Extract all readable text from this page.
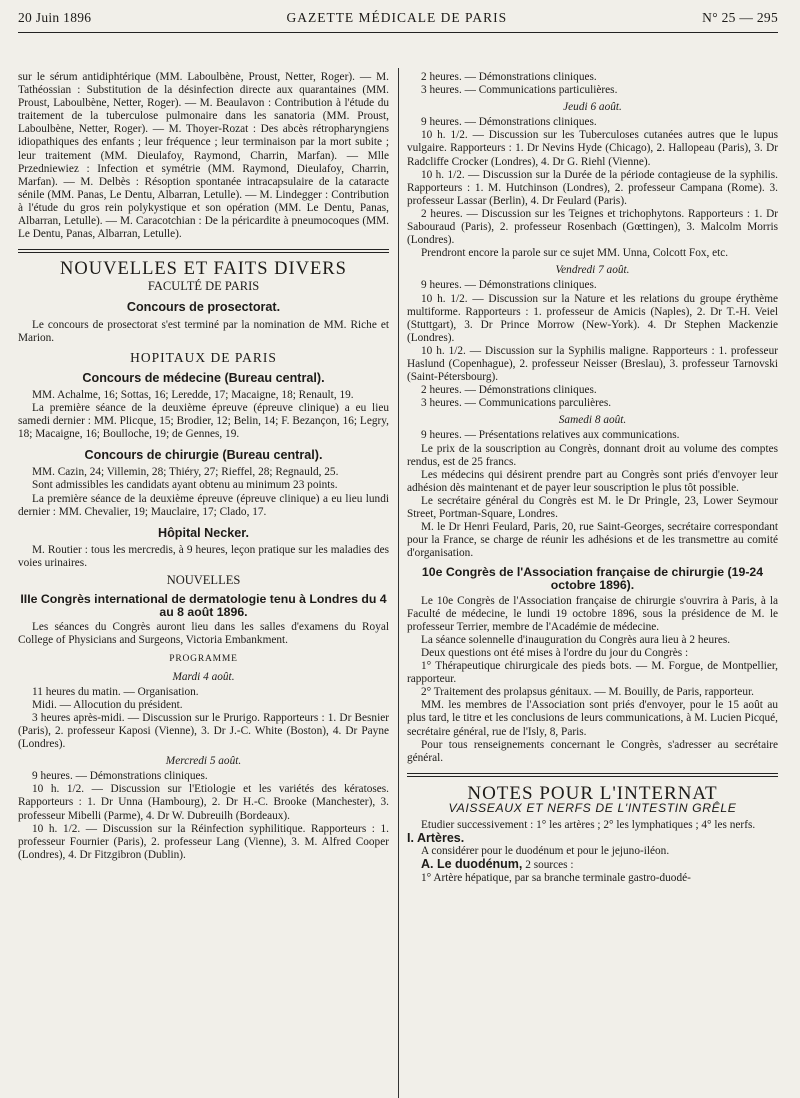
20 Juin 1896	GAZETTE MÉDICALE DE PARIS	N° 25 — 295

sur le sérum antidiphtérique (MM. Laboulbène, Proust, Netter, Roger). — M. Tathéossian : Substitution de la désinfection directe aux quarantaines (MM. Proust, Laboulbène, Netter, Roger). — M. Beaulavon : Contribution à l'étude du traitement de la tuberculose pulmonaire dans les sanatoria (MM. Proust, Laboulbène, Netter, Roger). — M. Thoyer-Rozat : Des abcès rétropharyngiens idiopathiques des enfants ; leur fréquence ; leur terminaison par la mort subite ; leur traitement (MM. Dieulafoy, Raymond, Charrin, Marfan). — Mlle Przedniewiez : Infection et symétrie (MM. Raymond, Dieulafoy, Charrin, Marfan). — M. Delbès : Résoption spontanée intracapsulaire de la cataracte sénile (MM. Panas, Le Dentu, Albarran, Letulle). — M. Lindegger : Contribution à l'étude du gros rein polykystique et son opération (MM. Le Dentu, Panas, Albarran, Letulle). — M. Caracotchian : De la péricardite à pneumocoques (MM. Le Dentu, Panas, Albarran, Letulle).

NOUVELLES ET FAITS DIVERS
FACULTÉ DE PARIS
Concours de prosectorat.

Le concours de prosectorat s'est terminé par la nomination de MM. Riche et Marion.

HOPITAUX DE PARIS
Concours de médecine (Bureau central).

MM. Achalme, 16; Sottas, 16; Leredde, 17; Macaigne, 18; Renault, 19.

La première séance de la deuxième épreuve (épreuve clinique) a eu lieu samedi dernier : MM. Plicque, 15; Brodier, 12; Belin, 14; F. Bezançon, 16; Legry, 18; Macaigne, 16; Boulloche, 19; de Gennes, 19.

Concours de chirurgie (Bureau central).

MM. Cazin, 24; Villemin, 28; Thiéry, 27; Rieffel, 28; Regnauld, 25.

Sont admissibles les candidats ayant obtenu au minimum 23 points.

La première séance de la deuxième épreuve (épreuve clinique) a eu lieu lundi dernier : MM. Chevalier, 19; Mauclaire, 17; Clado, 17.

Hôpital Necker.

M. Routier : tous les mercredis, à 9 heures, leçon pratique sur les maladies des voies urinaires.

NOUVELLES
IIIe Congrès international de dermatologie tenu à Londres du 4 au 8 août 1896.

Les séances du Congrès auront lieu dans les salles d'examens du Royal College of Physicians and Surgeons, Victoria Embankment.

PROGRAMME
Mardi 4 août.

11 heures du matin. — Organisation.

Midi. — Allocution du président.

3 heures après-midi. — Discussion sur le Prurigo. Rapporteurs : 1. Dr Besnier (Paris), 2. professeur Kaposi (Vienne), 3. Dr J.-C. White (Boston), 4. Dr Payne (Londres).

Mercredi 5 août.

9 heures. — Démonstrations cliniques.

10 h. 1/2. — Discussion sur l'Etiologie et les variétés des kératoses. Rapporteurs : 1. Dr Unna (Hambourg), 2. Dr H.-C. Brooke (Manchester), 3. professeur Mibelli (Parme), 4. Dr W. Dubreuilh (Bordeaux).

10 h. 1/2. — Discussion sur la Réinfection syphilitique. Rapporteurs : 1. professeur Fournier (Paris), 2. professeur Lang (Vienne), 3. M. Alfred Cooper (Londres), 4. Dr Fitzgibron (Dublin).

2 heures. — Démonstrations cliniques.

3 heures. — Communications particulières.

Jeudi 6 août.

9 heures. — Démonstrations cliniques.

10 h. 1/2. — Discussion sur les Tuberculoses cutanées autres que le lupus vulgaire. Rapporteurs : 1. Dr Nevins Hyde (Chicago), 2. Hallopeau (Paris), 3. Dr Radcliffe Crocker (Londres), 4. Dr G. Riehl (Vienne).

10 h. 1/2. — Discussion sur la Durée de la période contagieuse de la syphilis. Rapporteurs : 1. M. Hutchinson (Londres), 2. professeur Campana (Rome). 3. professeur Lassar (Berlin), 4. Dr Feulard (Paris).

2 heures. — Discussion sur les Teignes et trichophytons. Rapporteurs : 1. Dr Sabouraud (Paris), 2. professeur Rosenbach (Gœttingen), 3. Malcolm Morris (Londres).

Prendront encore la parole sur ce sujet MM. Unna, Colcott Fox, etc.

Vendredi 7 août.

9 heures. — Démonstrations cliniques.

10 h. 1/2. — Discussion sur la Nature et les relations du groupe érythème multiforme. Rapporteurs : 1. professeur de Amicis (Naples), 2. Dr T.-H. Veiel (Stuttgart), 3. Dr Prince Morrow (New-York). 4. Dr Stephen Mackenzie (Londres).

10 h. 1/2. — Discussion sur la Syphilis maligne. Rapporteurs : 1. professeur Haslund (Copenhague), 2. professeur Neisser (Breslau), 3. professeur Tarnovski (Saint-Pétersbourg).

2 heures. — Démonstrations cliniques.

3 heures. — Communications parculières.

Samedi 8 août.

9 heures. — Présentations relatives aux communications.

Le prix de la souscription au Congrès, donnant droit au volume des comptes rendus, est de 25 francs.

Les médecins qui désirent prendre part au Congrès sont priés d'envoyer leur adhésion dès maintenant et de payer leur souscription le plus tôt possible.

Le secrétaire général du Congrès est M. le Dr Pringle, 23, Lower Seymour Street, Portman-Square, Londres.

M. le Dr Henri Feulard, Paris, 20, rue Saint-Georges, secrétaire correspondant pour la France, se charge de réunir les adhésions et de les transmettre au comité d'organisation.

10e Congrès de l'Association française de chirurgie (19-24 octobre 1896).

Le 10e Congrès de l'Association française de chirurgie s'ouvrira à Paris, à la Faculté de médecine, le lundi 19 octobre 1896, sous la présidence de M. le professeur Terrier, membre de l'Académie de médecine.

La séance solennelle d'inauguration du Congrès aura lieu à 2 heures.

Deux questions ont été mises à l'ordre du jour du Congrès :

1° Thérapeutique chirurgicale des pieds bots. — M. Forgue, de Montpellier, rapporteur.

2° Traitement des prolapsus génitaux. — M. Bouilly, de Paris, rapporteur.

MM. les membres de l'Association sont priés d'envoyer, pour le 15 août au plus tard, le titre et les conclusions de leurs communications, à M. Lucien Picqué, secrétaire général, rue de l'Isly, 8, Paris.

Pour tous renseignements concernant le Congrès, s'adresser au secrétaire général.

NOTES POUR L'INTERNAT
VAISSEAUX ET NERFS DE L'INTESTIN GRÊLE

Etudier successivement : 1° les artères ; 2° les lymphatiques ; 4° les nerfs.

I. Artères.

A considérer pour le duodénum et pour le jejuno-iléon.

A. Le duodénum, 2 sources :

1° Artère hépatique, par sa branche terminale gastro-duodé-
